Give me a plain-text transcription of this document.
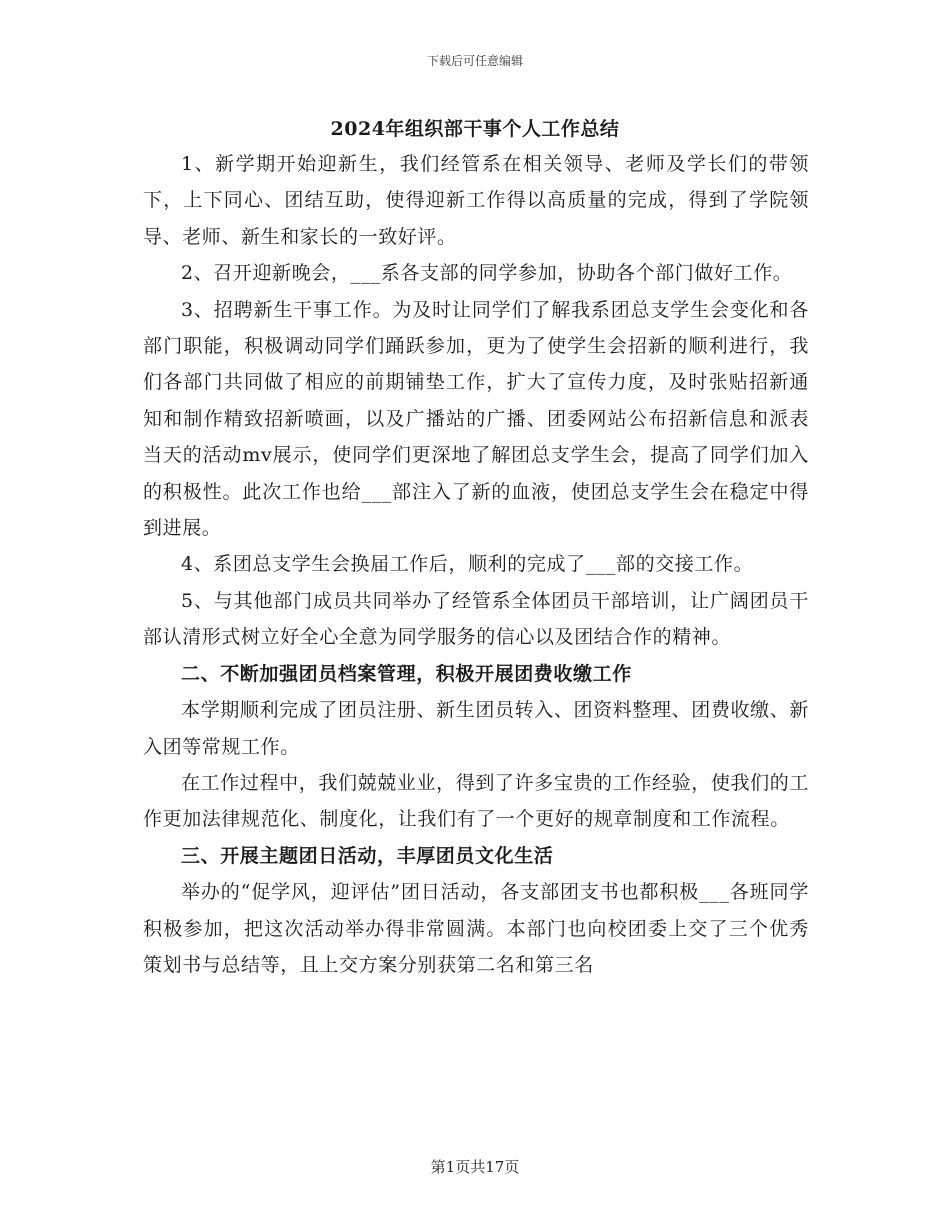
下载后可任意编辑
2024年组织部干事个人工作总结

1、新学期开始迎新生，我们经管系在相关领导、老师及学长们的带领下，上下同心、团结互助，使得迎新工作得以高质量的完成，得到了学院领导、老师、新生和家长的一致好评。

2、召开迎新晚会，___系各支部的同学参加，协助各个部门做好工作。

3、招聘新生干事工作。为及时让同学们了解我系团总支学生会变化和各部门职能，积极调动同学们踊跃参加，更为了使学生会招新的顺利进行，我们各部门共同做了相应的前期铺垫工作，扩大了宣传力度，及时张贴招新通知和制作精致招新喷画，以及广播站的广播、团委网站公布招新信息和派表当天的活动mv展示，使同学们更深地了解团总支学生会，提高了同学们加入的积极性。此次工作也给___部注入了新的血液，使团总支学生会在稳定中得到进展。

4、系团总支学生会换届工作后，顺利的完成了___部的交接工作。

5、与其他部门成员共同举办了经管系全体团员干部培训，让广阔团员干部认清形式树立好全心全意为同学服务的信心以及团结合作的精神。

二、不断加强团员档案管理，积极开展团费收缴工作

本学期顺利完成了团员注册、新生团员转入、团资料整理、团费收缴、新入团等常规工作。

在工作过程中，我们兢兢业业，得到了许多宝贵的工作经验，使我们的工作更加法律规范化、制度化，让我们有了一个更好的规章制度和工作流程。

三、开展主题团日活动，丰厚团员文化生活

举办的“促学风，迎评估”团日活动，各支部团支书也都积极___各班同学积极参加，把这次活动举办得非常圆满。本部门也向校团委上交了三个优秀策划书与总结等，且上交方案分别获第二名和第三名

第1页共17页
